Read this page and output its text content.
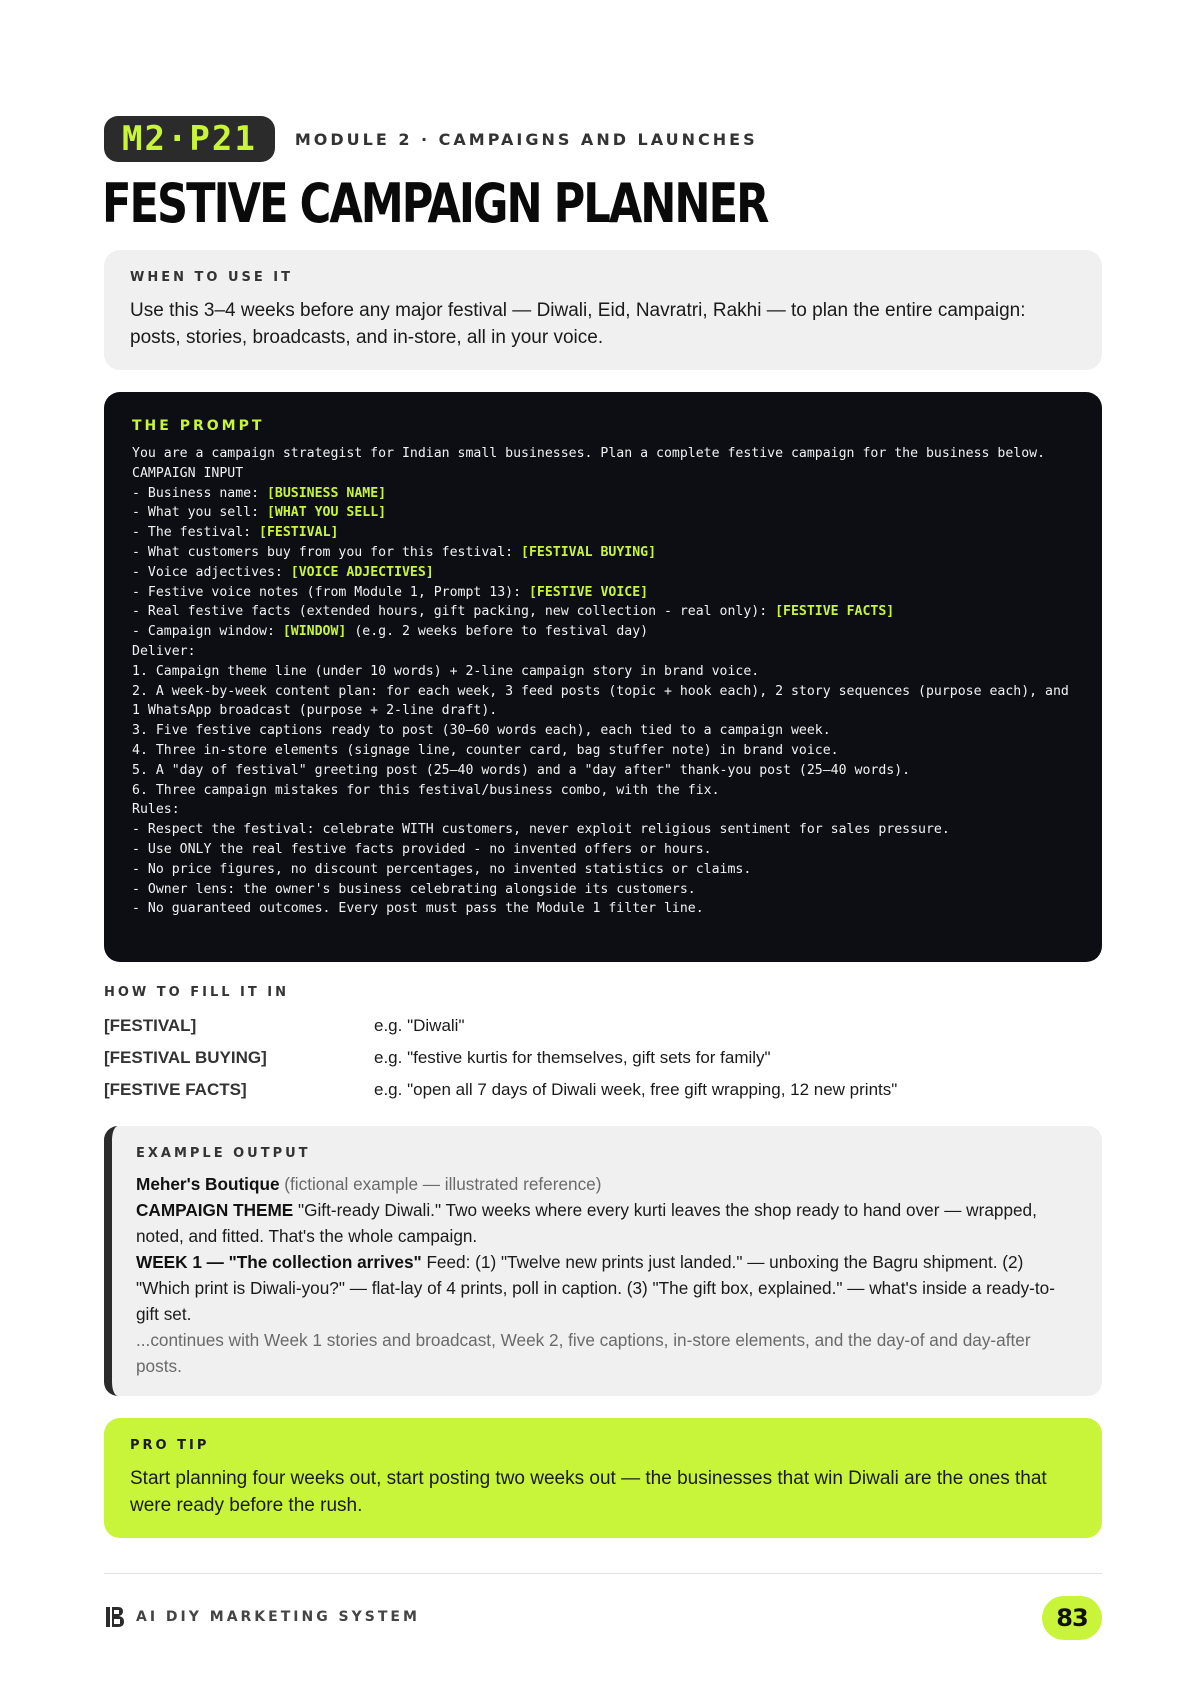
M2·P21	MODULE 2 · CAMPAIGNS AND LAUNCHES
FESTIVE CAMPAIGN PLANNER
WHEN TO USE IT

Use this 3–4 weeks before any major festival — Diwali, Eid, Navratri, Rakhi — to plan the entire campaign: posts, stories, broadcasts, and in-store, all in your voice.

THE PROMPT
You are a campaign strategist for Indian small businesses. Plan a complete festive campaign for the business below.
CAMPAIGN INPUT
- Business name: [BUSINESS NAME]
- What you sell: [WHAT YOU SELL]
- The festival: [FESTIVAL]
- What customers buy from you for this festival: [FESTIVAL BUYING]
- Voice adjectives: [VOICE ADJECTIVES]
- Festive voice notes (from Module 1, Prompt 13): [FESTIVE VOICE]
- Real festive facts (extended hours, gift packing, new collection - real only): [FESTIVE FACTS]
- Campaign window: [WINDOW] (e.g. 2 weeks before to festival day)
Deliver:
1. Campaign theme line (under 10 words) + 2-line campaign story in brand voice.
2. A week-by-week content plan: for each week, 3 feed posts (topic + hook each), 2 story sequences (purpose each), and 1 WhatsApp broadcast (purpose + 2-line draft).
3. Five festive captions ready to post (30–60 words each), each tied to a campaign week.
4. Three in-store elements (signage line, counter card, bag stuffer note) in brand voice.
5. A "day of festival" greeting post (25–40 words) and a "day after" thank-you post (25–40 words).
6. Three campaign mistakes for this festival/business combo, with the fix.
Rules:
- Respect the festival: celebrate WITH customers, never exploit religious sentiment for sales pressure.
- Use ONLY the real festive facts provided - no invented offers or hours.
- No price figures, no discount percentages, no invented statistics or claims.
- Owner lens: the owner's business celebrating alongside its customers.
- No guaranteed outcomes. Every post must pass the Module 1 filter line.
HOW TO FILL IT IN
[FESTIVAL]	e.g. "Diwali"
[FESTIVAL BUYING]	e.g. "festive kurtis for themselves, gift sets for family"
[FESTIVE FACTS]	e.g. "open all 7 days of Diwali week, free gift wrapping, 12 new prints"
EXAMPLE OUTPUT
Meher's Boutique (fictional example — illustrated reference)
CAMPAIGN THEME "Gift-ready Diwali." Two weeks where every kurti leaves the shop ready to hand over — wrapped, noted, and fitted. That's the whole campaign.
WEEK 1 — "The collection arrives" Feed: (1) "Twelve new prints just landed." — unboxing the Bagru shipment. (2) "Which print is Diwali-you?" — flat-lay of 4 prints, poll in caption. (3) "The gift box, explained." — what's inside a ready-to-gift set.
...continues with Week 1 stories and broadcast, Week 2, five captions, in-store elements, and the day-of and day-after posts.
PRO TIP

Start planning four weeks out, start posting two weeks out — the businesses that win Diwali are the ones that were ready before the rush.

AI DIY MARKETING SYSTEM	83
